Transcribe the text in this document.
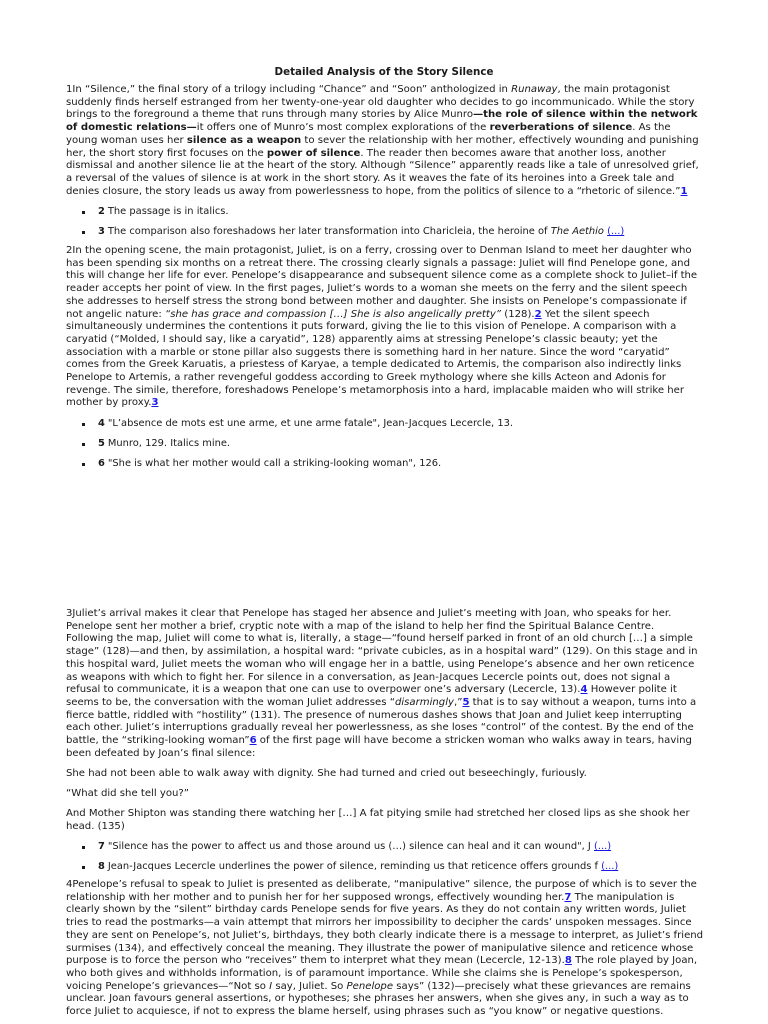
Detailed Analysis of the Story Silence

1In “Silence,” the final story of a trilogy including “Chance” and “Soon” anthologized in Runaway, the main protagonist suddenly finds herself estranged from her twenty-one-year old daughter who decides to go incommunicado. While the story brings to the foreground a theme that runs through many stories by Alice Munro—the role of silence within the network of domestic relations—it offers one of Munro’s most complex explorations of the reverberations of silence. As the young woman uses her silence as a weapon to sever the relationship with her mother, effectively wounding and punishing her, the short story first focuses on the power of silence. The reader then becomes aware that another loss, another dismissal and another silence lie at the heart of the story. Although “Silence” apparently reads like a tale of unresolved grief, a reversal of the values of silence is at work in the short story. As it weaves the fate of its heroines into a Greek tale and denies closure, the story leads us away from powerlessness to hope, from the politics of silence to a “rhetoric of silence.”1

2 The passage is in italics.
3 The comparison also foreshadows her later transformation into Charicleia, the heroine of The Aethio (...)

2In the opening scene, the main protagonist, Juliet, is on a ferry, crossing over to Denman Island to meet her daughter who has been spending six months on a retreat there. The crossing clearly signals a passage: Juliet will find Penelope gone, and this will change her life for ever. Penelope’s disappearance and subsequent silence come as a complete shock to Juliet–if the reader accepts her point of view. In the first pages, Juliet’s words to a woman she meets on the ferry and the silent speech she addresses to herself stress the strong bond between mother and daughter. She insists on Penelope’s compassionate if not angelic nature: “she has grace and compassion […] She is also angelically pretty” (128).2 Yet the silent speech simultaneously undermines the contentions it puts forward, giving the lie to this vision of Penelope. A comparison with a caryatid (“Molded, I should say, like a caryatid”, 128) apparently aims at stressing Penelope’s classic beauty; yet the association with a marble or stone pillar also suggests there is something hard in her nature. Since the word “caryatid” comes from the Greek Karuatis, a priestess of Karyae, a temple dedicated to Artemis, the comparison also indirectly links Penelope to Artemis, a rather revengeful goddess according to Greek mythology where she kills Acteon and Adonis for revenge. The simile, therefore, foreshadows Penelope’s metamorphosis into a hard, implacable maiden who will strike her mother by proxy.3

4 "L’absence de mots est une arme, et une arme fatale", Jean-Jacques Lecercle, 13.
5 Munro, 129. Italics mine.
6 "She is what her mother would call a striking-looking woman", 126.

3Juliet’s arrival makes it clear that Penelope has staged her absence and Juliet’s meeting with Joan, who speaks for her. Penelope sent her mother a brief, cryptic note with a map of the island to help her find the Spiritual Balance Centre. Following the map, Juliet will come to what is, literally, a stage—“found herself parked in front of an old church […] a simple stage” (128)—and then, by assimilation, a hospital ward: “private cubicles, as in a hospital ward” (129). On this stage and in this hospital ward, Juliet meets the woman who will engage her in a battle, using Penelope’s absence and her own reticence as weapons with which to fight her. For silence in a conversation, as Jean-Jacques Lecercle points out, does not signal a refusal to communicate, it is a weapon that one can use to overpower one’s adversary (Lecercle, 13).4 However polite it seems to be, the conversation with the woman Juliet addresses “disarmingly,”5 that is to say without a weapon, turns into a fierce battle, riddled with “hostility” (131). The presence of numerous dashes shows that Joan and Juliet keep interrupting each other. Juliet’s interruptions gradually reveal her powerlessness, as she loses “control” of the contest. By the end of the battle, the “striking-looking woman”6 of the first page will have become a stricken woman who walks away in tears, having been defeated by Joan’s final silence:

She had not been able to walk away with dignity. She had turned and cried out beseechingly, furiously.

“What did she tell you?”

And Mother Shipton was standing there watching her […] A fat pitying smile had stretched her closed lips as she shook her head. (135)

7 "Silence has the power to affect us and those around us (…) silence can heal and it can wound", J (...)
8 Jean-Jacques Lecercle underlines the power of silence, reminding us that reticence offers grounds f (...)

4Penelope’s refusal to speak to Juliet is presented as deliberate, “manipulative” silence, the purpose of which is to sever the relationship with her mother and to punish her for her supposed wrongs, effectively wounding her.7 The manipulation is clearly shown by the “silent” birthday cards Penelope sends for five years. As they do not contain any written words, Juliet tries to read the postmarks—a vain attempt that mirrors her impossibility to decipher the cards’ unspoken messages. Since they are sent on Penelope’s, not Juliet’s, birthdays, they both clearly indicate there is a message to interpret, as Juliet’s friend surmises (134), and effectively conceal the meaning. They illustrate the power of manipulative silence and reticence whose purpose is to force the person who “receives” them to interpret what they mean (Lecercle, 12-13).8 The role played by Joan, who both gives and withholds information, is of paramount importance. While she claims she is Penelope’s spokesperson, voicing Penelope’s grievances—“Not so I say, Juliet. So Penelope says” (132)—precisely what these grievances are remains unclear. Joan favours general assertions, or hypotheses; she phrases her answers, when she gives any, in such a way as to force Juliet to acquiesce, if not to express the blame herself, using phrases such as “you know” or negative questions.
